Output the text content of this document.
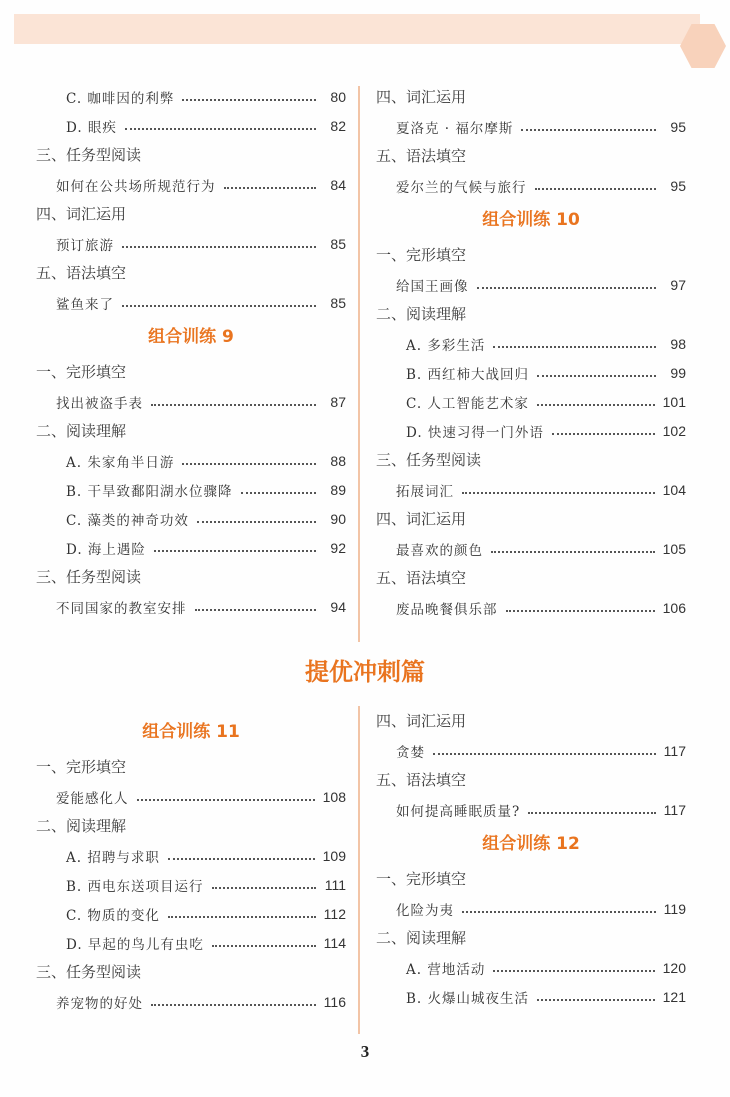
C. 咖啡因的利弊	80
D. 眼疾	82
三、任务型阅读
如何在公共场所规范行为	84
四、词汇运用
预订旅游	85
五、语法填空
鲨鱼来了	85
组合训练 9
一、完形填空
找出被盗手表	87
二、阅读理解
A. 朱家角半日游	88
B. 干旱致鄱阳湖水位骤降	89
C. 藻类的神奇功效	90
D. 海上遇险	92
三、任务型阅读
不同国家的教室安排	94
四、词汇运用
夏洛克 · 福尔摩斯	95
五、语法填空
爱尔兰的气候与旅行	95
组合训练 10
一、完形填空
给国王画像	97
二、阅读理解
A. 多彩生活	98
B. 西红柿大战回归	99
C. 人工智能艺术家	101
D. 快速习得一门外语	102
三、任务型阅读
拓展词汇	104
四、词汇运用
最喜欢的颜色	105
五、语法填空
废品晚餐俱乐部	106
提优冲刺篇
组合训练 11
一、完形填空
爱能感化人	108
二、阅读理解
A. 招聘与求职	109
B. 西电东送项目运行	111
C. 物质的变化	112
D. 早起的鸟儿有虫吃	114
三、任务型阅读
养宠物的好处	116
四、词汇运用
贪婪	117
五、语法填空
如何提高睡眠质量?	117
组合训练 12
一、完形填空
化险为夷	119
二、阅读理解
A. 营地活动	120
B. 火爆山城夜生活	121
3
